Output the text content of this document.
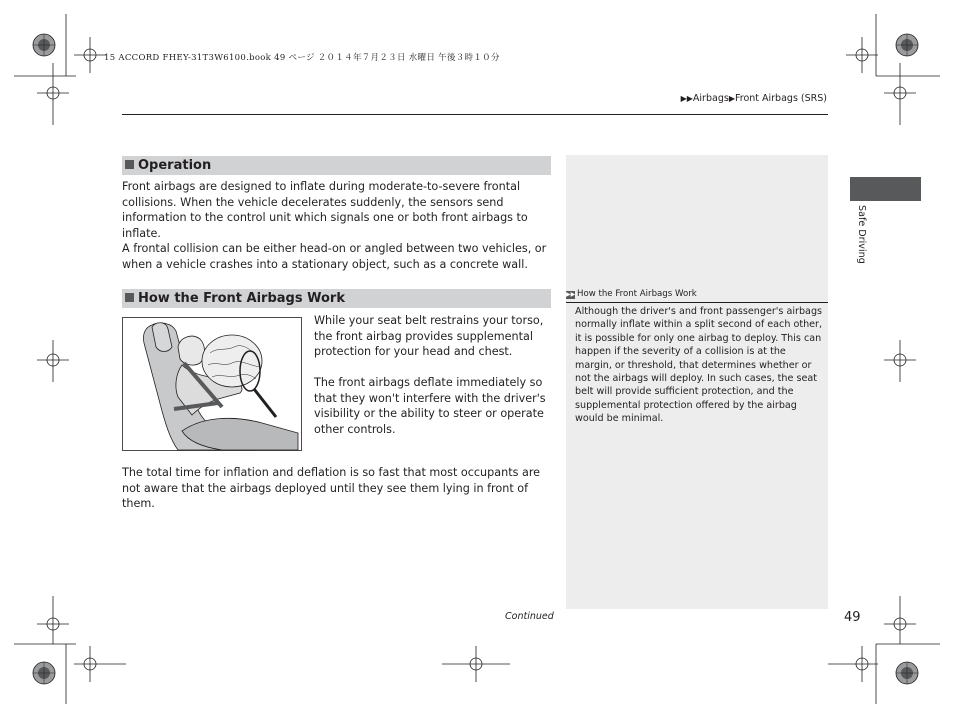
15 ACCORD FHEY-31T3W6100.book 49 ページ ２０１４年７月２３日 水曜日 午後３時１０分
▶▶Airbags▶Front Airbags (SRS)
▶▶ How the Front Airbags Work
Although the driver's and front passenger's airbags normally inflate within a split second of each other, it is possible for only one airbag to deploy. This can happen if the severity of a collision is at the margin, or threshold, that determines whether or not the airbags will deploy. In such cases, the seat belt will provide sufficient protection, and the supplemental protection offered by the airbag would be minimal.
Operation
Front airbags are designed to inflate during moderate-to-severe frontal collisions. When the vehicle decelerates suddenly, the sensors send information to the control unit which signals one or both front airbags to inflate.
A frontal collision can be either head-on or angled between two vehicles, or when a vehicle crashes into a stationary object, such as a concrete wall.
How the Front Airbags Work
While your seat belt restrains your torso, the front airbag provides supplemental protection for your head and chest.
The front airbags deflate immediately so that they won't interfere with the driver's visibility or the ability to steer or operate other controls.
The total time for inflation and deflation is so fast that most occupants are not aware that the airbags deployed until they see them lying in front of them.
Safe Driving
Continued	49
